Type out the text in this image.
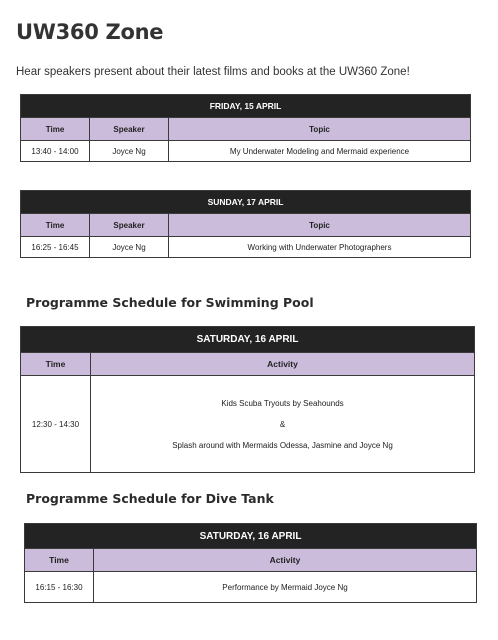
UW360 Zone
Hear speakers present about their latest films and books at the UW360 Zone!
FRIDAY, 15 APRIL		
Time	Speaker	Topic
13:40 - 14:00	Joyce Ng	My Underwater Modeling and Mermaid experience
SUNDAY, 17 APRIL		
Time	Speaker	Topic
16:25 - 16:45	Joyce Ng	Working with Underwater Photographers
Programme Schedule for Swimming Pool
SATURDAY, 16 APRIL	
Time	Activity
12:30 - 14:30	Kids Scuba Tryouts by Seahounds
&
Splash around with Mermaids Odessa, Jasmine and Joyce Ng
Programme Schedule for Dive Tank
SATURDAY, 16 APRIL	
Time	Activity
16:15 - 16:30	Performance by Mermaid Joyce Ng
